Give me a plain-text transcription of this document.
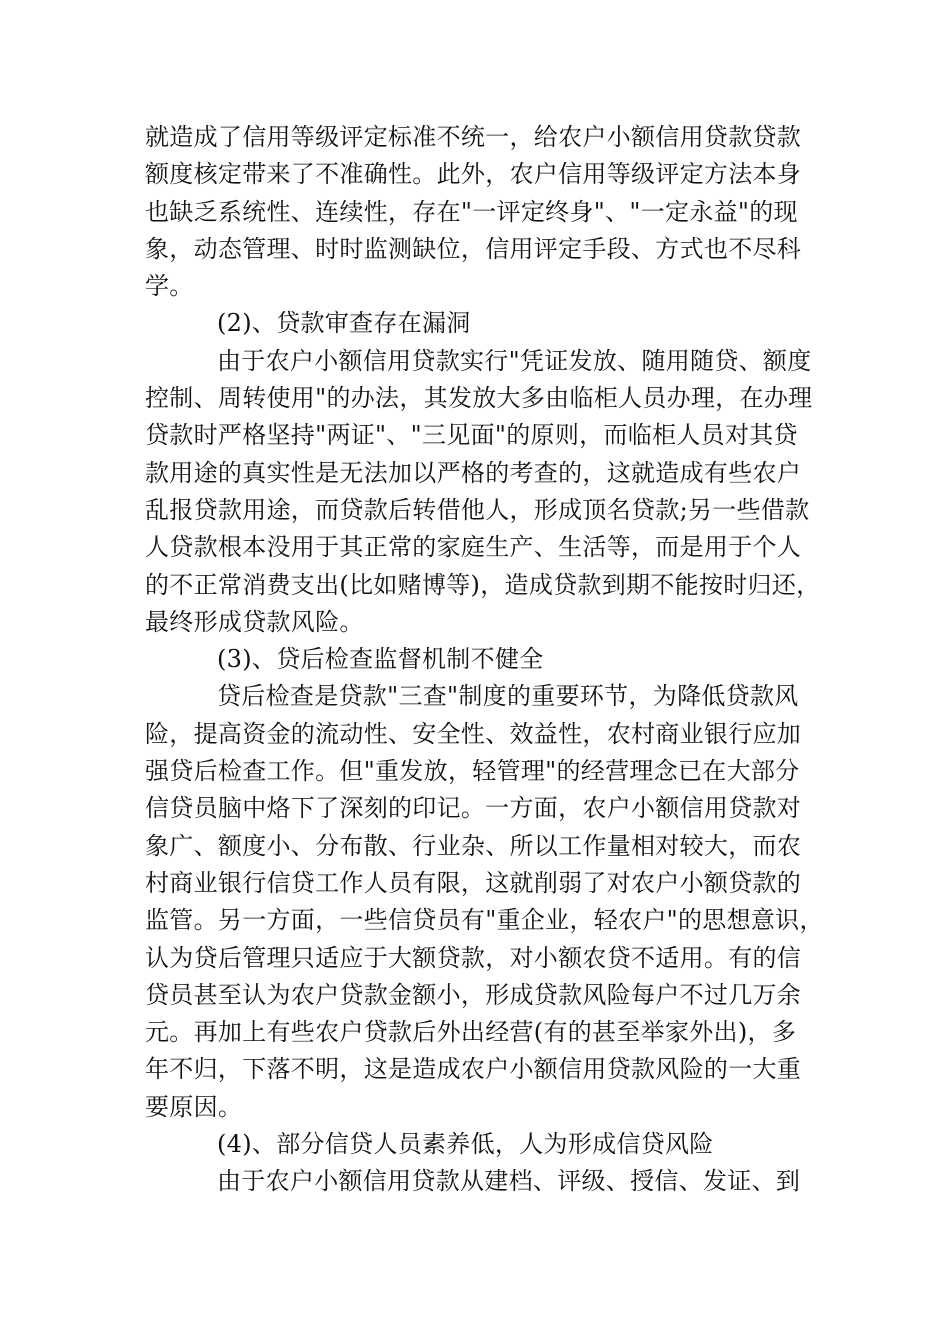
就造成了信用等级评定标准不统一，给农户小额信用贷款贷款
额度核定带来了不准确性。此外，农户信用等级评定方法本身
也缺乏系统性、连续性，存在"一评定终身"、"一定永益"的现
象，动态管理、时时监测缺位，信用评定手段、方式也不尽科
学。
(2)、贷款审查存在漏洞
由于农户小额信用贷款实行"凭证发放、随用随贷、额度
控制、周转使用"的办法，其发放大多由临柜人员办理，在办理
贷款时严格坚持"两证"、"三见面"的原则，而临柜人员对其贷
款用途的真实性是无法加以严格的考查的，这就造成有些农户
乱报贷款用途，而贷款后转借他人，形成顶名贷款;另一些借款
人贷款根本没用于其正常的家庭生产、生活等，而是用于个人
的不正常消费支出(比如赌博等)，造成贷款到期不能按时归还，
最终形成贷款风险。
(3)、贷后检查监督机制不健全
贷后检查是贷款"三查"制度的重要环节，为降低贷款风
险，提高资金的流动性、安全性、效益性，农村商业银行应加
强贷后检查工作。但"重发放，轻管理"的经营理念已在大部分
信贷员脑中烙下了深刻的印记。一方面，农户小额信用贷款对
象广、额度小、分布散、行业杂、所以工作量相对较大，而农
村商业银行信贷工作人员有限，这就削弱了对农户小额贷款的
监管。另一方面，一些信贷员有"重企业，轻农户"的思想意识，
认为贷后管理只适应于大额贷款，对小额农贷不适用。有的信
贷员甚至认为农户贷款金额小，形成贷款风险每户不过几万余
元。再加上有些农户贷款后外出经营(有的甚至举家外出)，多
年不归，下落不明，这是造成农户小额信用贷款风险的一大重
要原因。
(4)、部分信贷人员素养低，人为形成信贷风险
由于农户小额信用贷款从建档、评级、授信、发证、到
